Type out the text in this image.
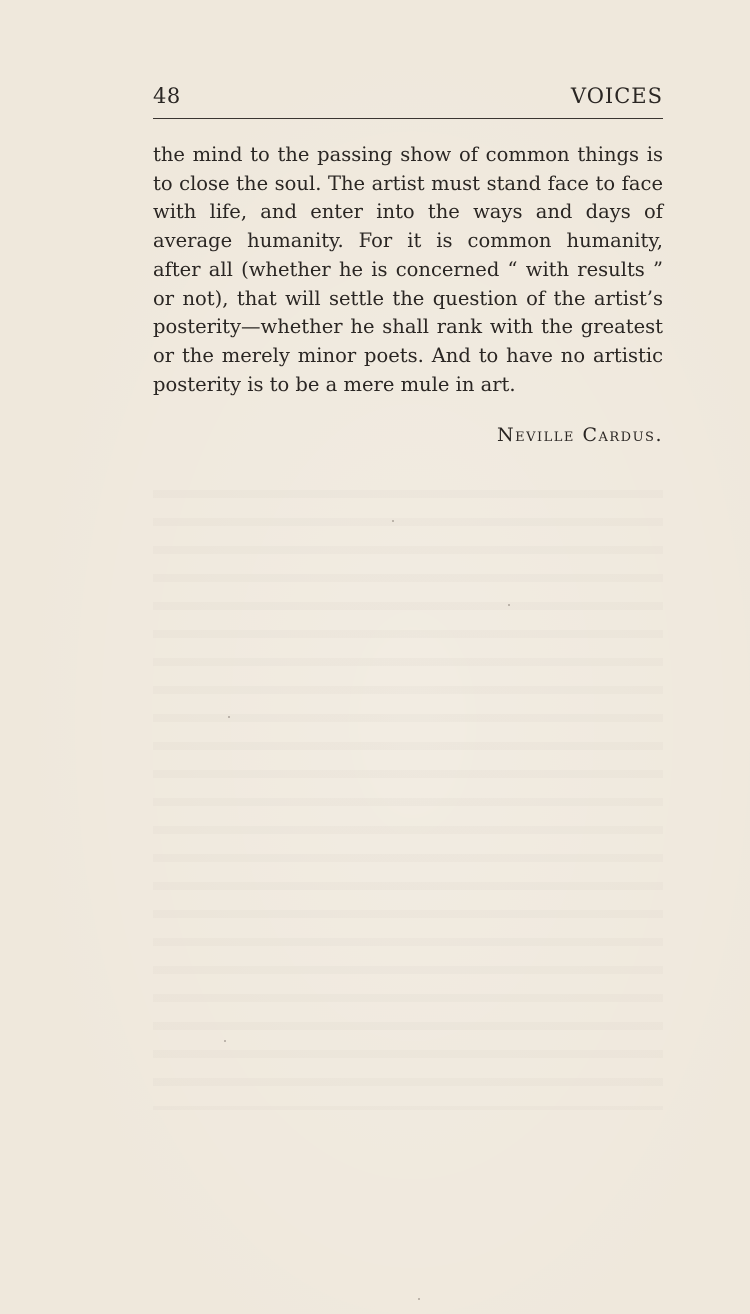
48	VOICES

the mind to the passing show of common things is to close the soul. The artist must stand face to face with life, and enter into the ways and days of average humanity. For it is common humanity, after all (whether he is concerned “ with results ” or not), that will settle the question of the artist’s posterity—whether he shall rank with the greatest or the merely minor poets. And to have no artistic posterity is to be a mere mule in art.

Neville Cardus.
